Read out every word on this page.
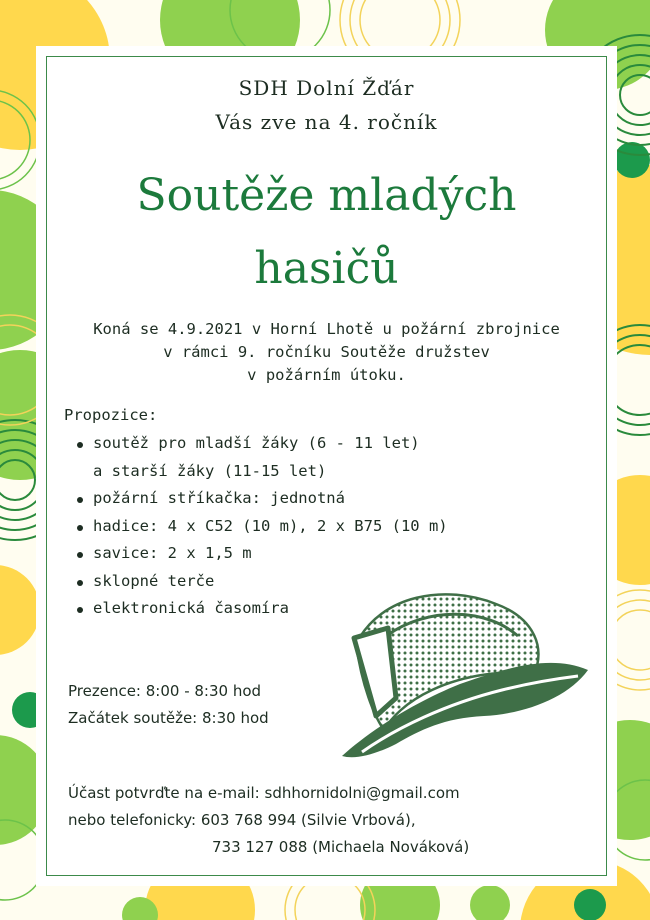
SDH Dolní Žďár
Vás zve na 4. ročník
Soutěže mladých
hasičů
Koná se 4.9.2021 v Horní Lhotě u požární zbrojnice
v rámci 9. ročníku Soutěže družstev
v požárním útoku.
Propozice:
soutěž pro mladší žáky (6 - 11 let)
a starší žáky (11-15 let)
požární stříkačka: jednotná
hadice: 4 x C52 (10 m), 2 x B75 (10 m)
savice: 2 x 1,5 m
sklopné terče
elektronická časomíra
Prezence: 8:00 - 8:30 hod
Začátek soutěže: 8:30 hod
Účast potvrďte na e-mail: sdhhornidolni@gmail.com
nebo telefonicky: 603 768 994 (Silvie Vrbová),
733 127 088 (Michaela Nováková)
